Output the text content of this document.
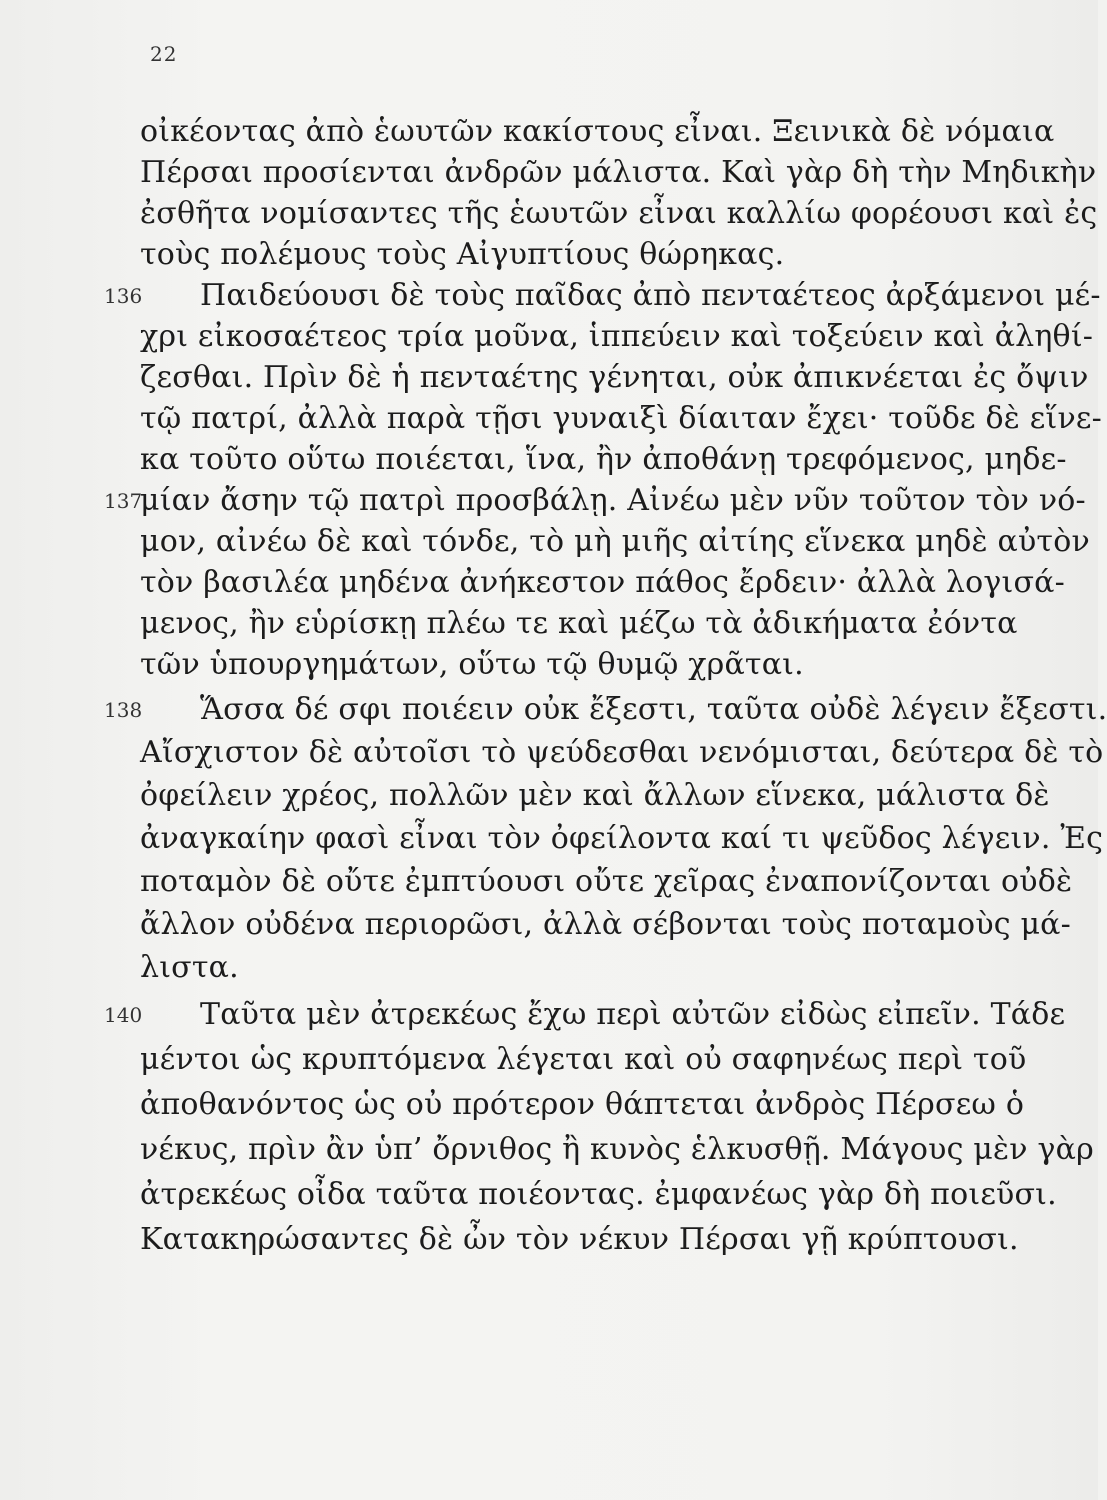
22
οἰκέοντας ἀπὸ ἑωυτῶν κακίστους εἶναι. Ξεινικὰ δὲ νόμαια
Πέρσαι προσίενται ἀνδρῶν μάλιστα. Καὶ γὰρ δὴ τὴν Μηδικὴν
ἐσθῆτα νομίσαντες τῆς ἑωυτῶν εἶναι καλλίω φορέουσι καὶ ἐς
τοὺς πολέμους τοὺς Αἰγυπτίους θώρηκας.
136 Παιδεύουσι δὲ τοὺς παῖδας ἀπὸ πενταέτεος ἀρξάμενοι μέ-
χρι εἰκοσαέτεος τρία μοῦνα, ἱππεύειν καὶ τοξεύειν καὶ ἀληθί-
ζεσθαι. Πρὶν δὲ ἡ πενταέτης γένηται, οὐκ ἀπικνέεται ἐς ὄψιν
τῷ πατρί, ἀλλὰ παρὰ τῇσι γυναιξὶ δίαιταν ἔχει· τοῦδε δὲ εἵνε-
κα τοῦτο οὕτω ποιέεται, ἵνα, ἢν ἀποθάνῃ τρεφόμενος, μηδε-
137
μίαν ἄσην τῷ πατρὶ προσβάλῃ. Αἰνέω μὲν νῦν τοῦτον τὸν νό-
μον, αἰνέω δὲ καὶ τόνδε, τὸ μὴ μιῆς αἰτίης εἵνεκα μηδὲ αὐτὸν
τὸν βασιλέα μηδένα ἀνήκεστον πάθος ἔρδειν· ἀλλὰ λογισά-
μενος, ἢν εὑρίσκῃ πλέω τε καὶ μέζω τὰ ἀδικήματα ἐόντα
τῶν ὑπουργημάτων, οὕτω τῷ θυμῷ χρᾶται.
138 Ἅσσα δέ σφι ποιέειν οὐκ ἔξεστι, ταῦτα οὐδὲ λέγειν ἔξεστι.
Αἴσχιστον δὲ αὐτοῖσι τὸ ψεύδεσθαι νενόμισται, δεύτερα δὲ τὸ
ὀφείλειν χρέος, πολλῶν μὲν καὶ ἄλλων εἵνεκα, μάλιστα δὲ
ἀναγκαίην φασὶ εἶναι τὸν ὀφείλοντα καί τι ψεῦδος λέγειν. Ἐς
ποταμὸν δὲ οὔτε ἐμπτύουσι οὔτε χεῖρας ἐναπονίζονται οὐδὲ
ἄλλον οὐδένα περιορῶσι, ἀλλὰ σέβονται τοὺς ποταμοὺς μά-
λιστα.
140 Ταῦτα μὲν ἀτρεκέως ἔχω περὶ αὐτῶν εἰδὼς εἰπεῖν. Τάδε
μέντοι ὡς κρυπτόμενα λέγεται καὶ οὐ σαφηνέως περὶ τοῦ
ἀποθανόντος ὡς οὐ πρότερον θάπτεται ἀνδρὸς Πέρσεω ὁ
νέκυς, πρὶν ἂν ὑπ’ ὄρνιθος ἢ κυνὸς ἑλκυσθῇ. Μάγους μὲν γὰρ
ἀτρεκέως οἶδα ταῦτα ποιέοντας. ἐμφανέως γὰρ δὴ ποιεῦσι.
Κατακηρώσαντες δὲ ὦν τὸν νέκυν Πέρσαι γῇ κρύπτουσι.
